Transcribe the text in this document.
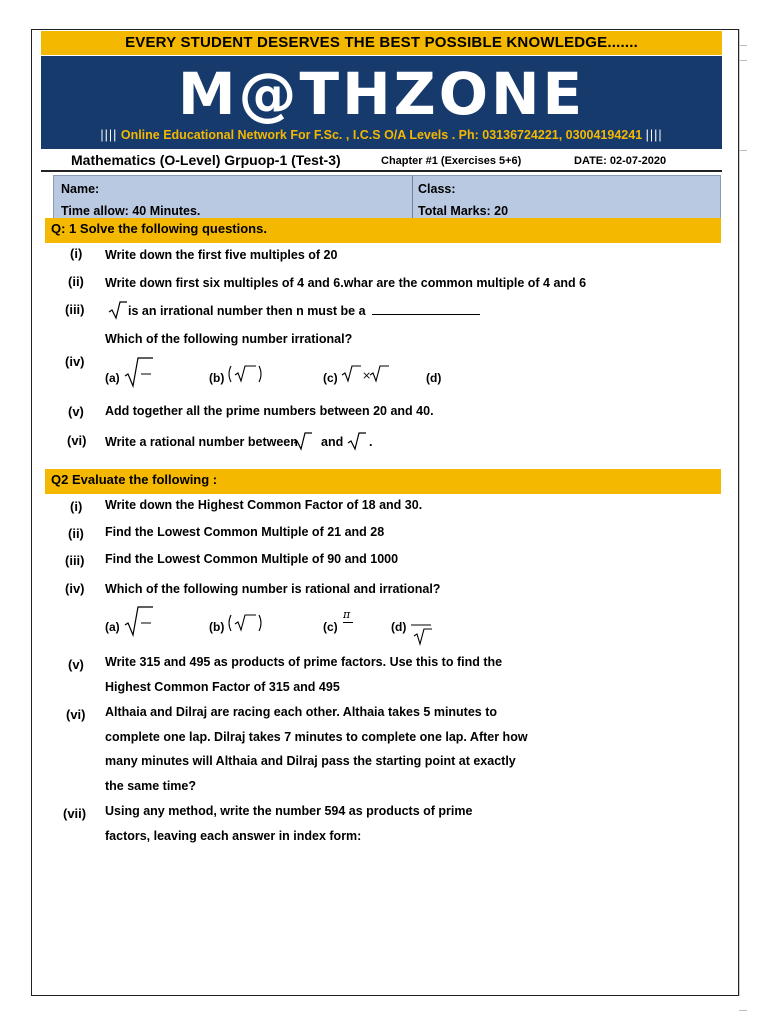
EVERY STUDENT DESERVES THE BEST POSSIBLE KNOWLEDGE.......
M@THZONE
|||| Online Educational Network For F.Sc. , I.C.S O/A Levels . Ph: 03136724221, 03004194241 ||||
Mathematics (O-Level) Grpuop-1 (Test-3)	Chapter #1 (Exercises 5+6)	DATE: 02-07-2020
Name:
Time allow: 40 Minutes.
Class:
Total Marks: 20
Q: 1 Solve the following questions.
(i) Write down the first five multiples of 20
(ii) Write down first six multiples of 4 and 6.whar are the common multiple of 4 and 6
(iii)	is an irrational number then n must be a
Which of the following number irrational?
(iv)
(a)	(b)	(c) ×	(d)
(v) Add together all the prime numbers between 20 and 40.
(vi) Write a rational number between and .
Q2 Evaluate the following :
(i) Write down the Highest Common Factor of 18 and 30.
(ii) Find the Lowest Common Multiple of 21 and 28
(iii) Find the Lowest Common Multiple of 90 and 1000
(iv) Which of the following number is rational and irrational?
(a)	(b)	(c)
π
(d)
(v) Write 315 and 495 as products of prime factors. Use this to find the
Highest Common Factor of 315 and 495
(vi) Althaia and Dilraj are racing each other. Althaia takes 5 minutes to
complete one lap. Dilraj takes 7 minutes to complete one lap. After how
many minutes will Althaia and Dilraj pass the starting point at exactly
the same time?
(vii) Using any method, write the number 594 as products of prime
factors, leaving each answer in index form:
